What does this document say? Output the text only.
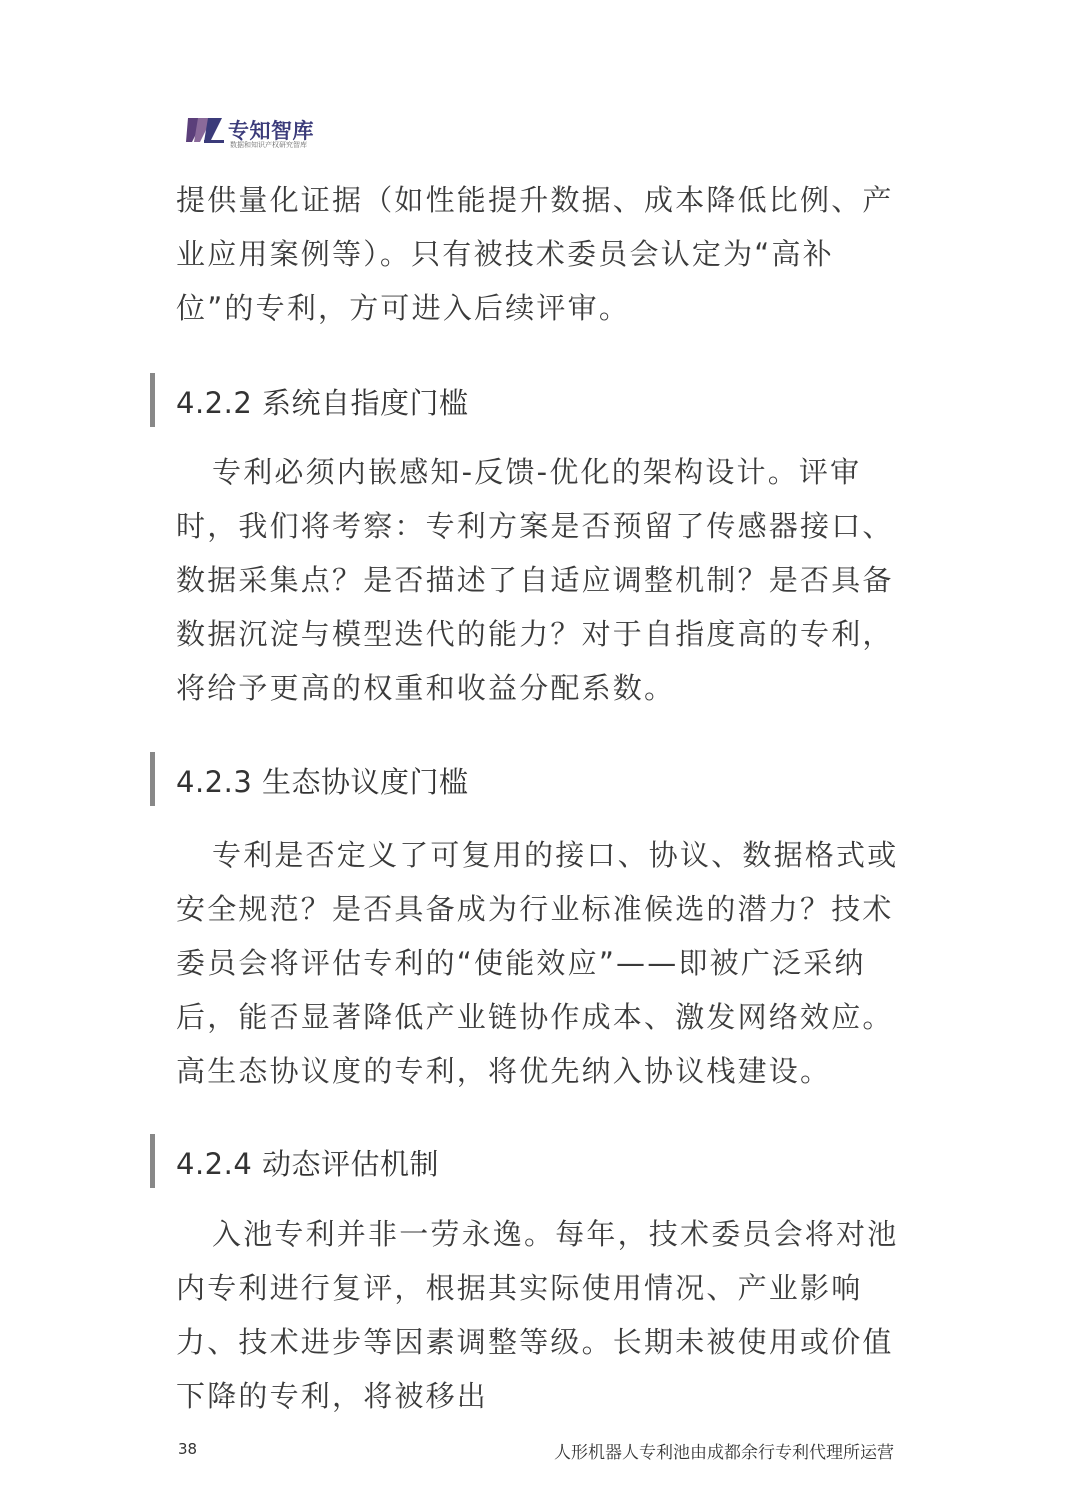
专知智库
数据和知识产权研究智库

提供量化证据（如性能提升数据、成本降低比例、产业应用案例等）。只有被技术委员会认定为“高补位”的专利，方可进入后续评审。

4.2.2 系统自指度门槛

专利必须内嵌感知-反馈-优化的架构设计。评审时，我们将考察：专利方案是否预留了传感器接口、数据采集点？是否描述了自适应调整机制？是否具备数据沉淀与模型迭代的能力？对于自指度高的专利，将给予更高的权重和收益分配系数。

4.2.3 生态协议度门槛

专利是否定义了可复用的接口、协议、数据格式或安全规范？是否具备成为行业标准候选的潜力？技术委员会将评估专利的“使能效应”——即被广泛采纳后，能否显著降低产业链协作成本、激发网络效应。高生态协议度的专利，将优先纳入协议栈建设。

4.2.4 动态评估机制

入池专利并非一劳永逸。每年，技术委员会将对池内专利进行复评，根据其实际使用情况、产业影响力、技术进步等因素调整等级。长期未被使用或价值下降的专利，将被移出

38	人形机器人专利池由成都余行专利代理所运营
